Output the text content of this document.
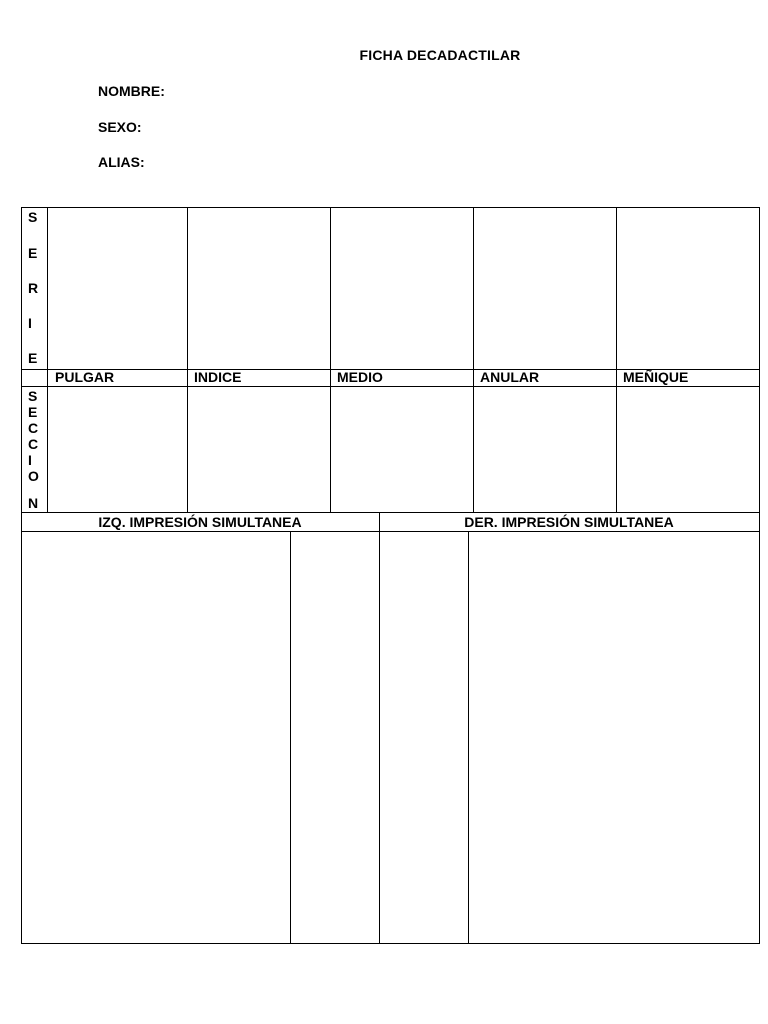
FICHA DECADACTILAR
NOMBRE:
SEXO:
ALIAS:
S
E
R
I
E
PULGAR	INDICE	MEDIO	ANULAR	MEÑIQUE
S
E
C
C
I
O
N
IZQ. IMPRESIÓN SIMULTANEA	DER. IMPRESIÓN SIMULTANEA
